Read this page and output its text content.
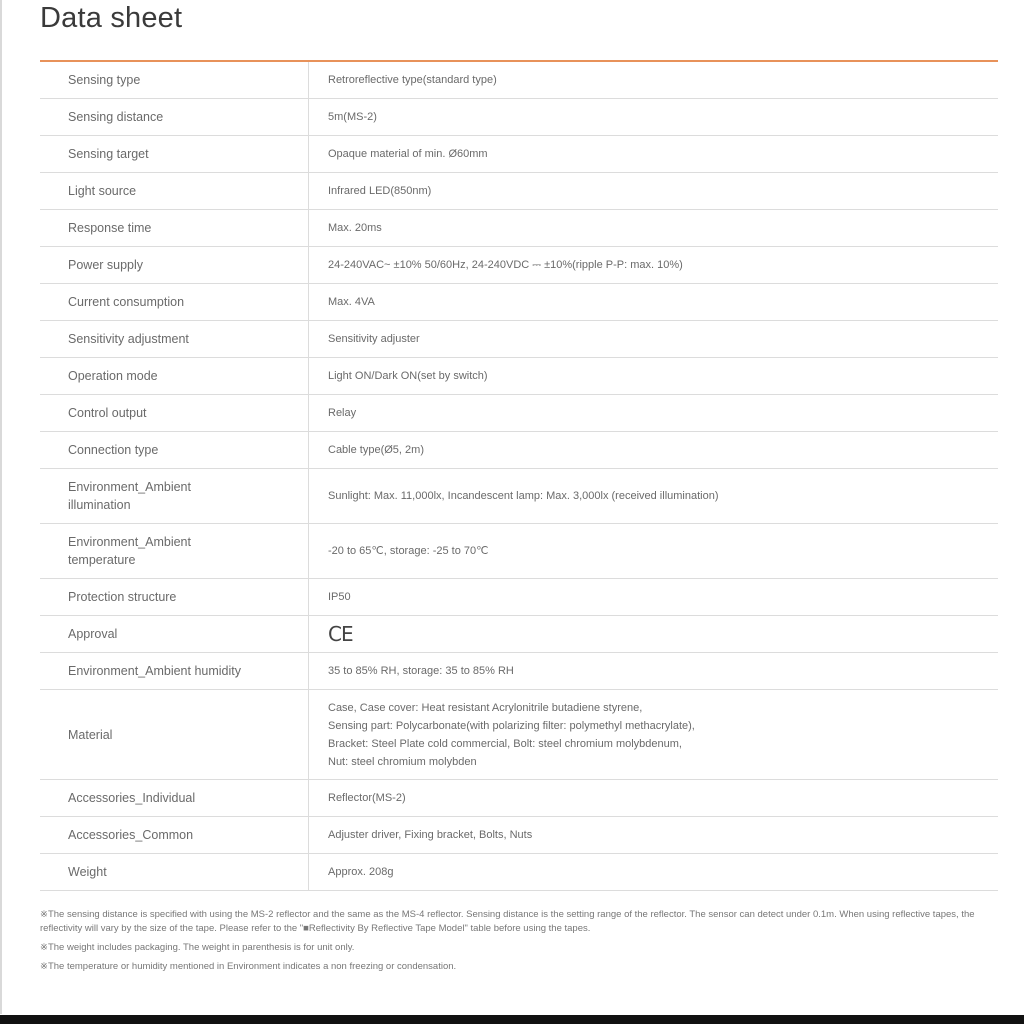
Data sheet
Sensing type	Retroreflective type(standard type)
Sensing distance	5m(MS-2)
Sensing target	Opaque material of min. Ø60mm
Light source	Infrared LED(850nm)
Response time	Max. 20ms
Power supply	24-240VAC~ ±10% 50/60Hz, 24-240VDC ⎓ ±10%(ripple P-P: max. 10%)
Current consumption	Max. 4VA
Sensitivity adjustment	Sensitivity adjuster
Operation mode	Light ON/Dark ON(set by switch)
Control output	Relay
Connection type	Cable type(Ø5, 2m)

Environment_Ambient
illumination	Sunlight: Max. 11,000lx, Incandescent lamp: Max. 3,000lx (received illumination)

Environment_Ambient
temperature	-20 to 65℃, storage: -25 to 70℃
Protection structure	IP50
Approval	CE
Environment_Ambient humidity	35 to 85% RH, storage: 35 to 85% RH
Material	Case, Case cover: Heat resistant Acrylonitrile butadiene styrene,
Sensing part: Polycarbonate(with polarizing filter: polymethyl methacrylate),
Bracket: Steel Plate cold commercial, Bolt: steel chromium molybdenum,
Nut: steel chromium molybden

Accessories_Individual	Reflector(MS-2)
Accessories_Common	Adjuster driver, Fixing bracket, Bolts, Nuts
Weight	Approx. 208g

※The sensing distance is specified with using the MS-2 reflector and the same as the MS-4 reflector. Sensing distance is the setting range of the reflector. The sensor can detect under 0.1m. When using reflective tapes, the reflectivity will vary by the size of the tape. Please refer to the "■Reflectivity By Reflective Tape Model" table before using the tapes.

※The weight includes packaging. The weight in parenthesis is for unit only.

※The temperature or humidity mentioned in Environment indicates a non freezing or condensation.
